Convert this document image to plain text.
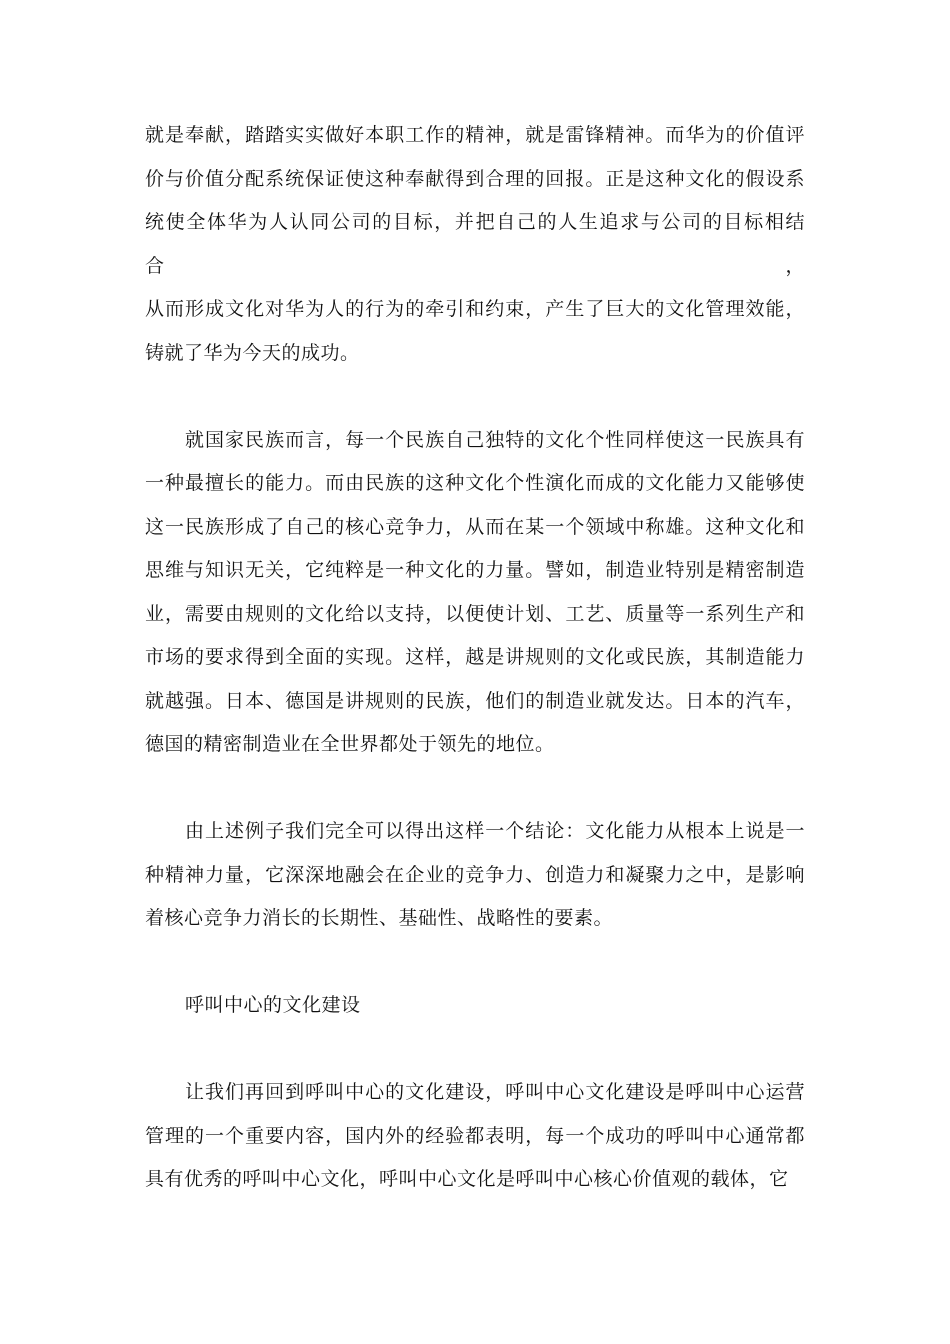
就是奉献，踏踏实实做好本职工作的精神，就是雷锋精神。而华为的价值评
价与价值分配系统保证使这种奉献得到合理的回报。正是这种文化的假设系
统使全体华为人认同公司的目标，并把自己的人生追求与公司的目标相结合，
从而形成文化对华为人的行为的牵引和约束，产生了巨大的文化管理效能，
铸就了华为今天的成功。
就国家民族而言，每一个民族自己独特的文化个性同样使这一民族具有
一种最擅长的能力。而由民族的这种文化个性演化而成的文化能力又能够使
这一民族形成了自己的核心竞争力，从而在某一个领域中称雄。这种文化和
思维与知识无关，它纯粹是一种文化的力量。譬如，制造业特别是精密制造
业，需要由规则的文化给以支持，以便使计划、工艺、质量等一系列生产和
市场的要求得到全面的实现。这样，越是讲规则的文化或民族，其制造能力
就越强。日本、德国是讲规则的民族，他们的制造业就发达。日本的汽车，
德国的精密制造业在全世界都处于领先的地位。
由上述例子我们完全可以得出这样一个结论：文化能力从根本上说是一
种精神力量，它深深地融会在企业的竞争力、创造力和凝聚力之中，是影响
着核心竞争力消长的长期性、基础性、战略性的要素。
呼叫中心的文化建设
让我们再回到呼叫中心的文化建设，呼叫中心文化建设是呼叫中心运营
管理的一个重要内容，国内外的经验都表明，每一个成功的呼叫中心通常都
具有优秀的呼叫中心文化，呼叫中心文化是呼叫中心核心价值观的载体，它
